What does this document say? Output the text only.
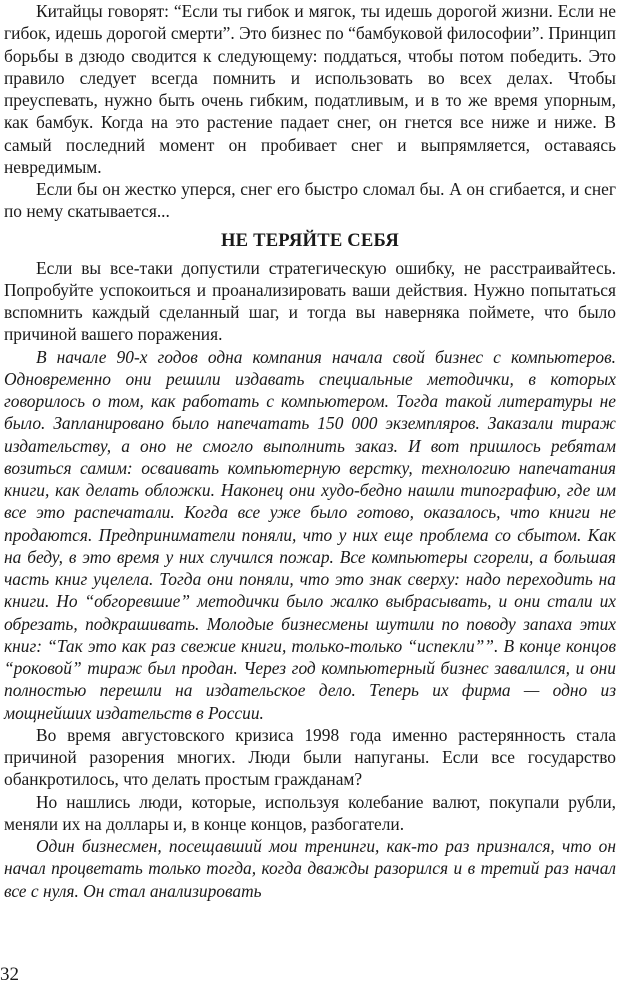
Китайцы говорят: “Если ты гибок и мягок, ты идешь дорогой жизни. Если не гибок, идешь дорогой смерти”. Это бизнес по “бамбуковой философии”. Принцип борьбы в дзюдо сводится к следующему: поддаться, чтобы потом победить. Это правило следует всегда помнить и использовать во всех делах. Чтобы преуспевать, нужно быть очень гибким, податливым, и в то же время упорным, как бамбук. Когда на это растение падает снег, он гнется все ниже и ниже. В самый последний момент он пробивает снег и выпрямляется, оставаясь невредимым.

Если бы он жестко уперся, снег его быстро сломал бы. А он сгибается, и снег по нему скатывается...

НЕ ТЕРЯЙТЕ СЕБЯ

Если вы все-таки допустили стратегическую ошибку, не расстраивайтесь. Попробуйте успокоиться и проанализировать ваши действия. Нужно попытаться вспомнить каждый сделанный шаг, и тогда вы наверняка поймете, что было причиной вашего поражения.

В начале 90-х годов одна компания начала свой бизнес с компьютеров. Одновременно они решили издавать специальные методички, в которых говорилось о том, как работать с компьютером. Тогда такой литературы не было. Запланировано было напечатать 150 000 экземпляров. Заказали тираж издательству, а оно не смогло выполнить заказ. И вот пришлось ребятам возиться самим: осваивать компьютерную верстку, технологию напечатания книги, как делать обложки. Наконец они худо-бедно нашли типографию, где им все это распечатали. Когда все уже было готово, оказалось, что книги не продаются. Предприниматели поняли, что у них еще проблема со сбытом. Как на беду, в это время у них случился пожар. Все компьютеры сгорели, а большая часть книг уцелела. Тогда они поняли, что это знак сверху: надо переходить на книги. Но “обгоревшие” методички было жалко выбрасывать, и они стали их обрезать, подкрашивать. Молодые бизнесмены шутили по поводу запаха этих книг: “Так это как раз свежие книги, только-только “испекли””. В конце концов “роковой” тираж был продан. Через год компьютерный бизнес завалился, и они полностью перешли на издательское дело. Теперь их фирма — одно из мощнейших издательств в России.

Во время августовского кризиса 1998 года именно растерянность стала причиной разорения многих. Люди были напуганы. Если все государство обанкротилось, что делать простым гражданам?

Но нашлись люди, которые, используя колебание валют, покупали рубли, меняли их на доллары и, в конце концов, разбогатели.

Один бизнесмен, посещавший мои тренинги, как-то раз признался, что он начал процветать только тогда, когда дважды разорился и в третий раз начал все с нуля. Он стал анализировать

32
